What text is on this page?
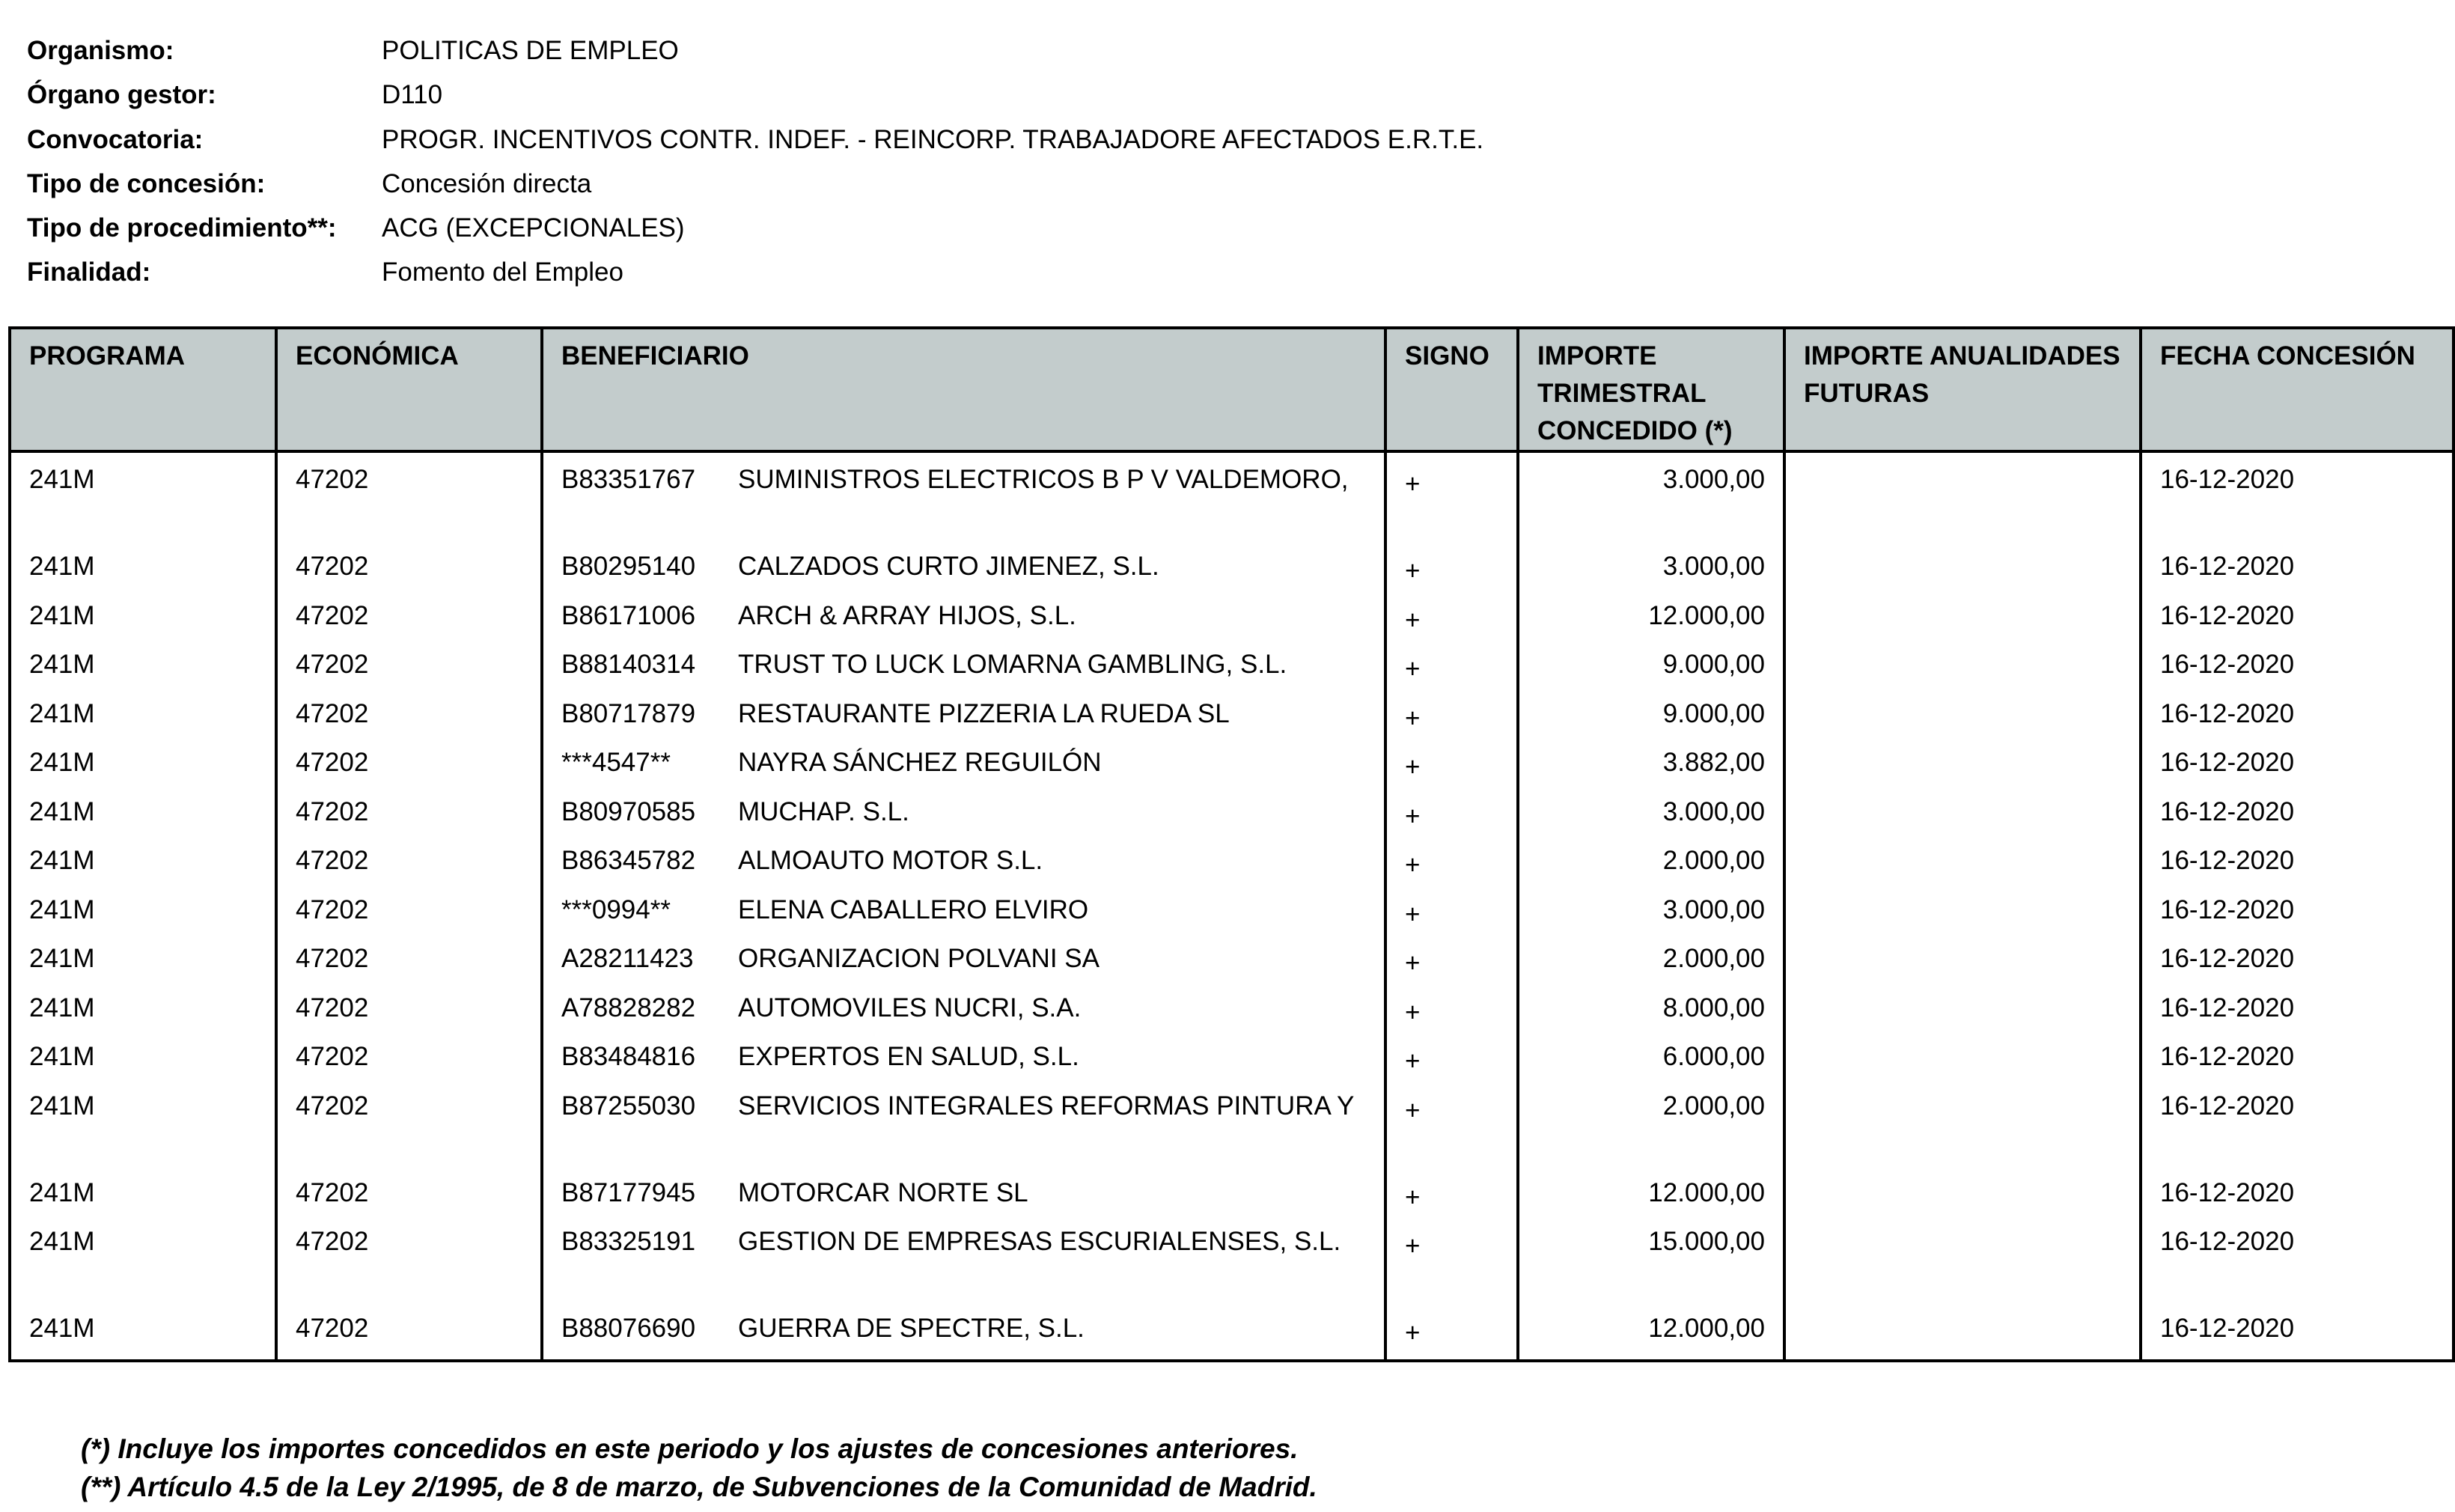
Organismo:	POLITICAS DE EMPLEO
Órgano gestor:	D110
Convocatoria:	PROGR. INCENTIVOS CONTR. INDEF. - REINCORP. TRABAJADORE AFECTADOS E.R.T.E.
Tipo de concesión:	Concesión directa
Tipo de procedimiento**: ACG (EXCEPCIONALES)
Finalidad:	Fomento del Empleo
PROGRAMA	ECONÓMICA	BENEFICIARIO	SIGNO	IMPORTE TRIMESTRAL CONCEDIDO (*)	IMPORTE ANUALIDADES FUTURAS	FECHA CONCESIÓN
241M	47202	B83351767 SUMINISTROS ELECTRICOS B P V VALDEMORO,	+	3.000,00		16-12-2020
241M	47202	B80295140 CALZADOS CURTO JIMENEZ, S.L.	+	3.000,00		16-12-2020
241M	47202	B86171006 ARCH & ARRAY HIJOS, S.L.	+	12.000,00		16-12-2020
241M	47202	B88140314 TRUST TO LUCK LOMARNA GAMBLING, S.L.	+	9.000,00		16-12-2020
241M	47202	B80717879 RESTAURANTE PIZZERIA LA RUEDA SL	+	9.000,00		16-12-2020
241M	47202	***4547** NAYRA SÁNCHEZ REGUILÓN	+	3.882,00		16-12-2020
241M	47202	B80970585 MUCHAP. S.L.	+	3.000,00		16-12-2020
241M	47202	B86345782 ALMOAUTO MOTOR S.L.	+	2.000,00		16-12-2020
241M	47202	***0994** ELENA CABALLERO ELVIRO	+	3.000,00		16-12-2020
241M	47202	A28211423 ORGANIZACION POLVANI SA	+	2.000,00		16-12-2020
241M	47202	A78828282 AUTOMOVILES NUCRI, S.A.	+	8.000,00		16-12-2020
241M	47202	B83484816 EXPERTOS EN SALUD, S.L.	+	6.000,00		16-12-2020
241M	47202	B87255030 SERVICIOS INTEGRALES REFORMAS PINTURA Y	+	2.000,00		16-12-2020
241M	47202	B87177945 MOTORCAR NORTE SL	+	12.000,00		16-12-2020
241M	47202	B83325191 GESTION DE EMPRESAS ESCURIALENSES, S.L.	+	15.000,00		16-12-2020
241M	47202	B88076690 GUERRA DE SPECTRE, S.L.	+	12.000,00		16-12-2020

(*) Incluye los importes concedidos en este periodo y los ajustes de concesiones anteriores.
(**) Artículo 4.5 de la Ley 2/1995, de 8 de marzo, de Subvenciones de la Comunidad de Madrid.
